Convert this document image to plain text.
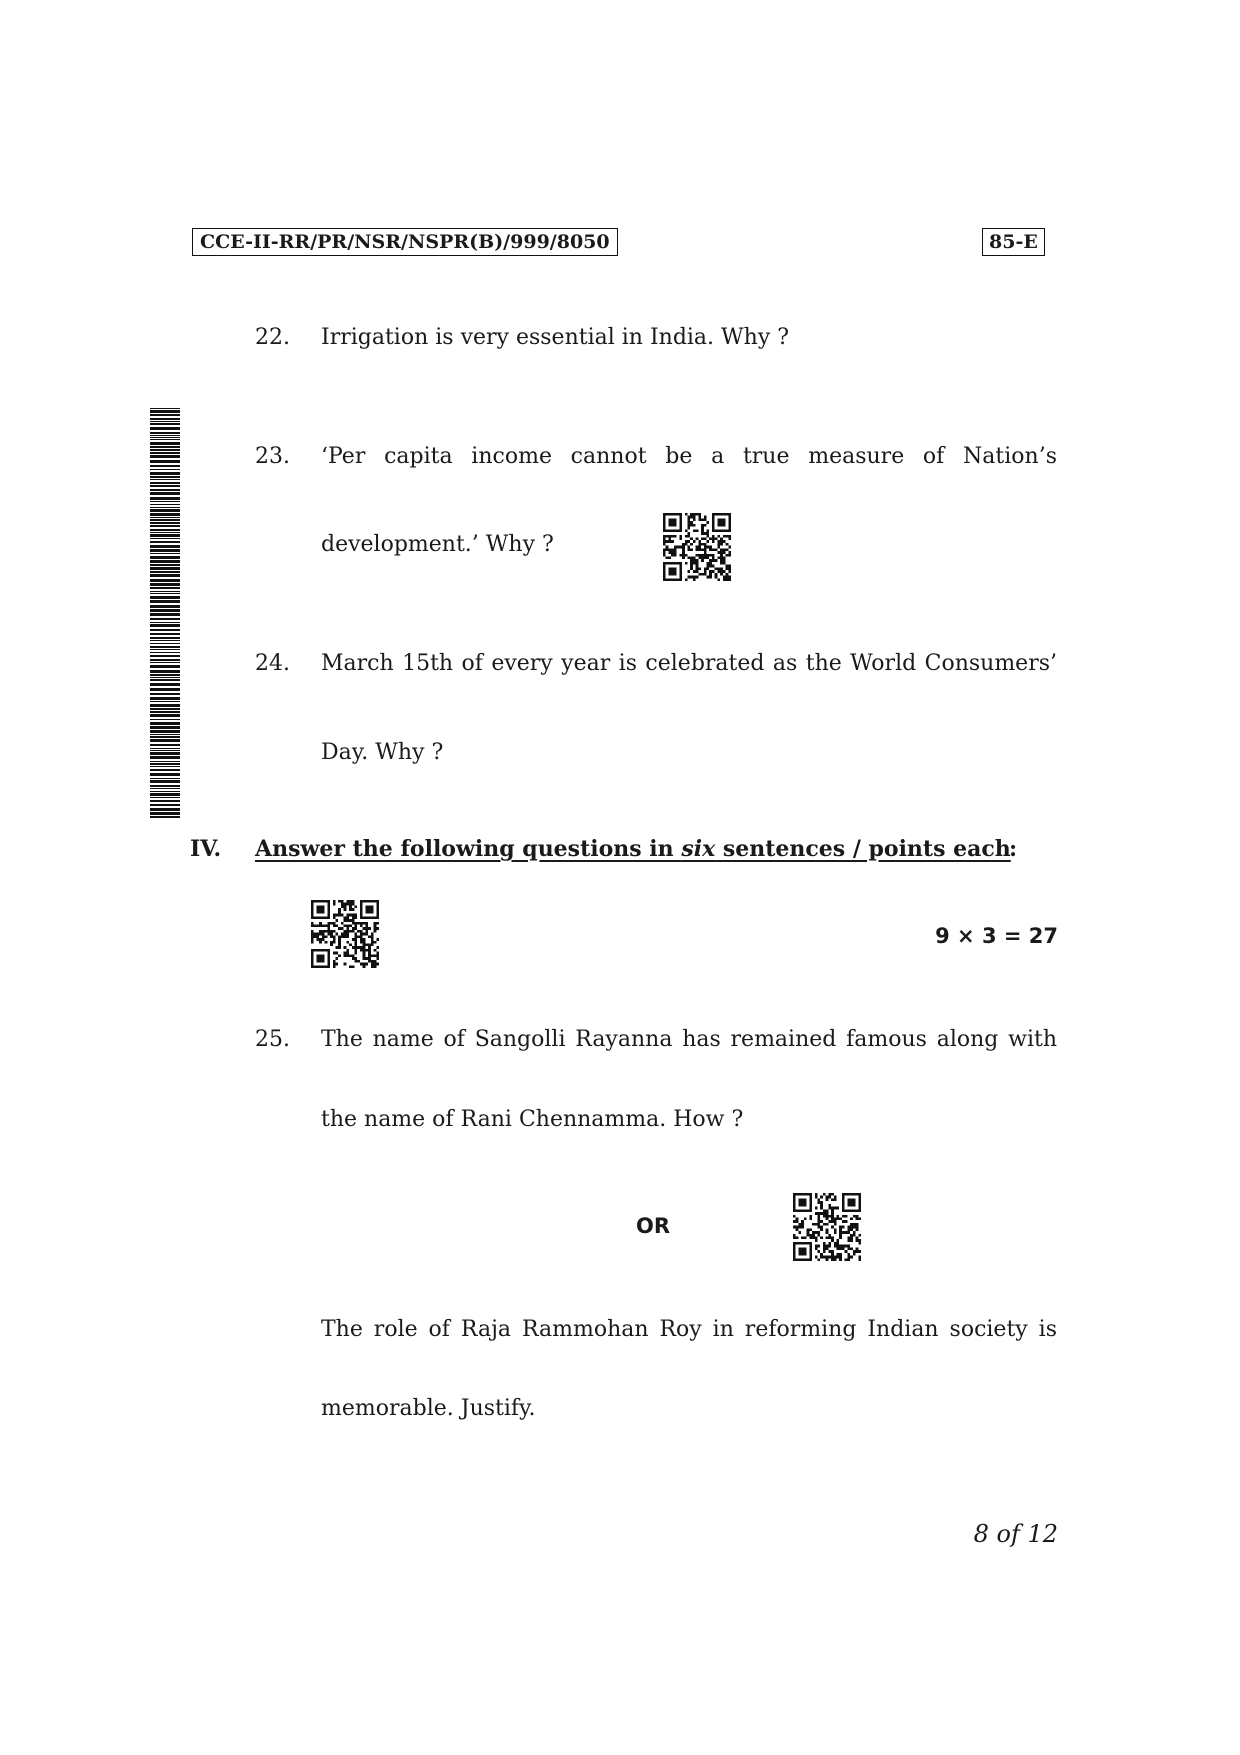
CCE-II-RR/PR/NSR/NSPR(B)/999/8050	85-E
22. Irrigation is very essential in India. Why ?
23. ‘Per capita income cannot be a true measure of Nation’s
development.’ Why ?
24. March 15th of every year is celebrated as the World Consumers’
Day. Why ?
IV. Answer the following questions in six sentences / points each
:
9 × 3 = 27
25. The name of Sangolli Rayanna has remained famous along with
the name of Rani Chennamma. How ?
OR
The role of Raja Rammohan Roy in reforming Indian society is
memorable. Justify.
8 of 12
